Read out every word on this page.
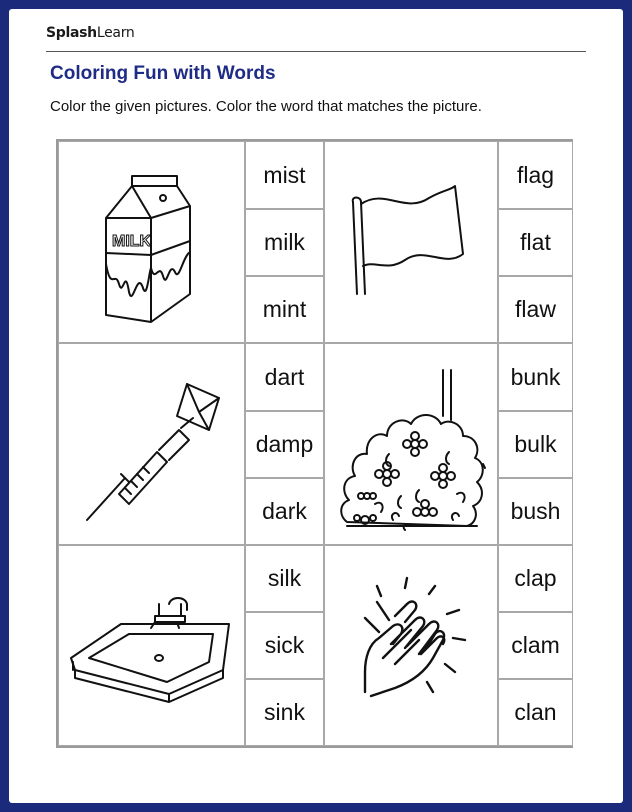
SplashLearn
Coloring Fun with Words
Color the given pictures. Color the word that matches the picture.
MILK
mist
milk
mint
flag
flat
flaw
dart
damp
dark
bunk
bulk
bush
silk
sick
sink
clap
clam
clan
